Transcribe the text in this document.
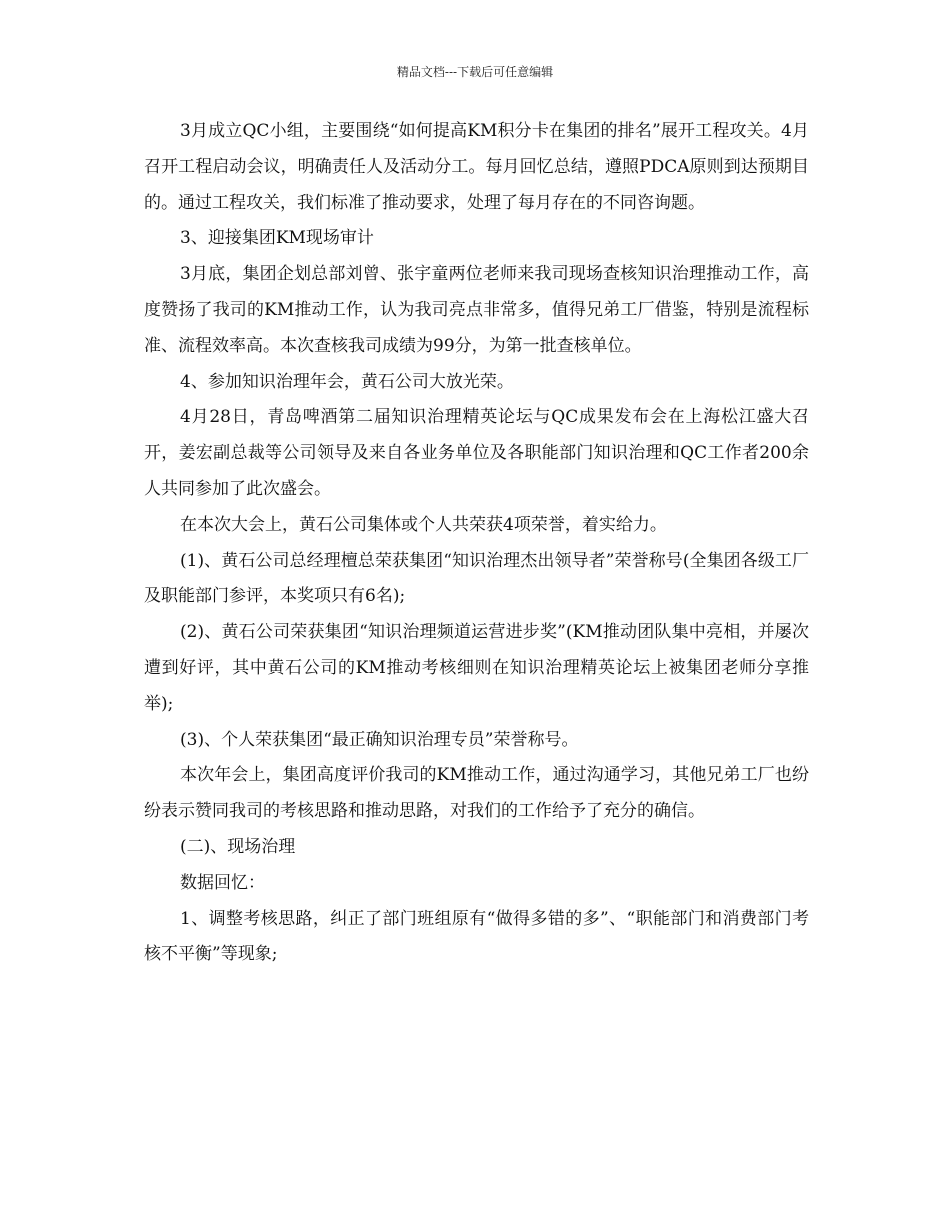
精品文档---下载后可任意编辑

3月成立QC小组，主要围绕“如何提高KM积分卡在集团的排名”展开工程攻关。4月召开工程启动会议，明确责任人及活动分工。每月回忆总结，遵照PDCA原则到达预期目的。通过工程攻关，我们标准了推动要求，处理了每月存在的不同咨询题。

3、迎接集团KM现场审计

3月底，集团企划总部刘曾、张宇童两位老师来我司现场查核知识治理推动工作，高度赞扬了我司的KM推动工作，认为我司亮点非常多，值得兄弟工厂借鉴，特别是流程标准、流程效率高。本次查核我司成绩为99分，为第一批查核单位。

4、参加知识治理年会，黄石公司大放光荣。

4月28日，青岛啤酒第二届知识治理精英论坛与QC成果发布会在上海松江盛大召开，姜宏副总裁等公司领导及来自各业务单位及各职能部门知识治理和QC工作者200余人共同参加了此次盛会。

在本次大会上，黄石公司集体或个人共荣获4项荣誉，着实给力。

(1)、黄石公司总经理檀总荣获集团“知识治理杰出领导者”荣誉称号(全集团各级工厂及职能部门参评，本奖项只有6名);

(2)、黄石公司荣获集团“知识治理频道运营进步奖”(KM推动团队集中亮相，并屡次遭到好评，其中黄石公司的KM推动考核细则在知识治理精英论坛上被集团老师分享推举);

(3)、个人荣获集团“最正确知识治理专员”荣誉称号。

本次年会上，集团高度评价我司的KM推动工作，通过沟通学习，其他兄弟工厂也纷纷表示赞同我司的考核思路和推动思路，对我们的工作给予了充分的确信。

(二)、现场治理

数据回忆：

1、调整考核思路，纠正了部门班组原有“做得多错的多”、“职能部门和消费部门考核不平衡”等现象;
